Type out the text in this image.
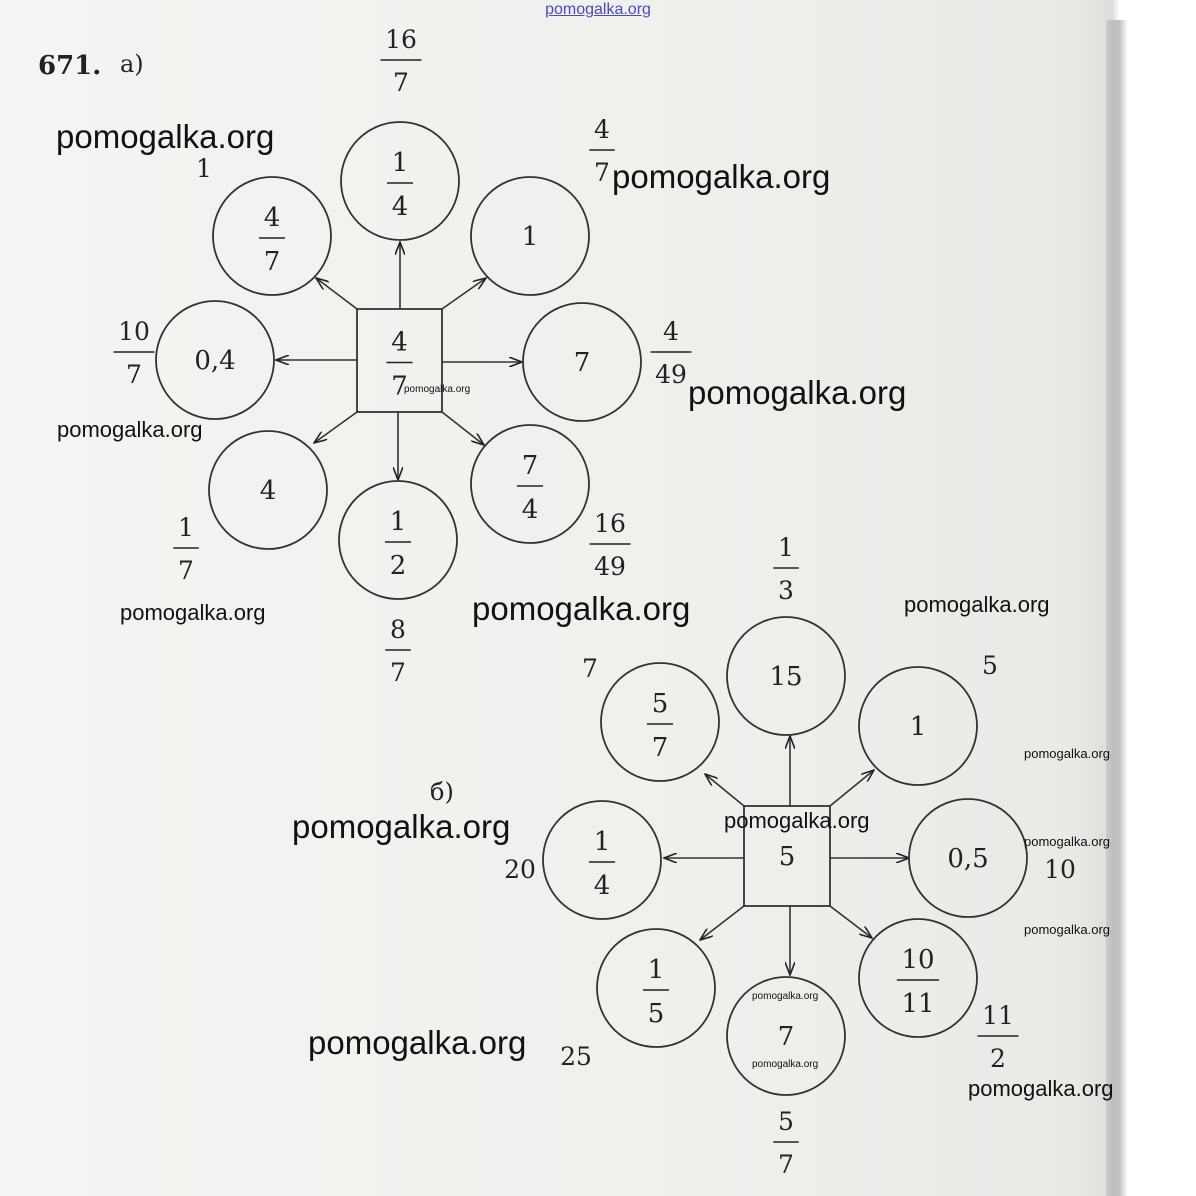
pomogalka.org
671. а)
б)
4
7
1
4
16
7
4
7
1
1
4
7
0,4
10
7	7
4
49
4
1
7
1
2
8
7
7
4 16
49
5
15
1
3
5
7
7
1
5
1
4
20	0,5 10
1
5
25
7
5
7
10
11 11
2
pomogalka.org
pomogalka.org
pomogalka.org	pomogalka.org
pomogalka.org
pomogalka.org	pomogalka.org	pomogalka.org
pomogalka.org
pomogalka.org	pomogalka.org
pomogalka.org
pomogalka.org
pomogalka.org
pomogalka.org
pomogalka.org
pomogalka.org
